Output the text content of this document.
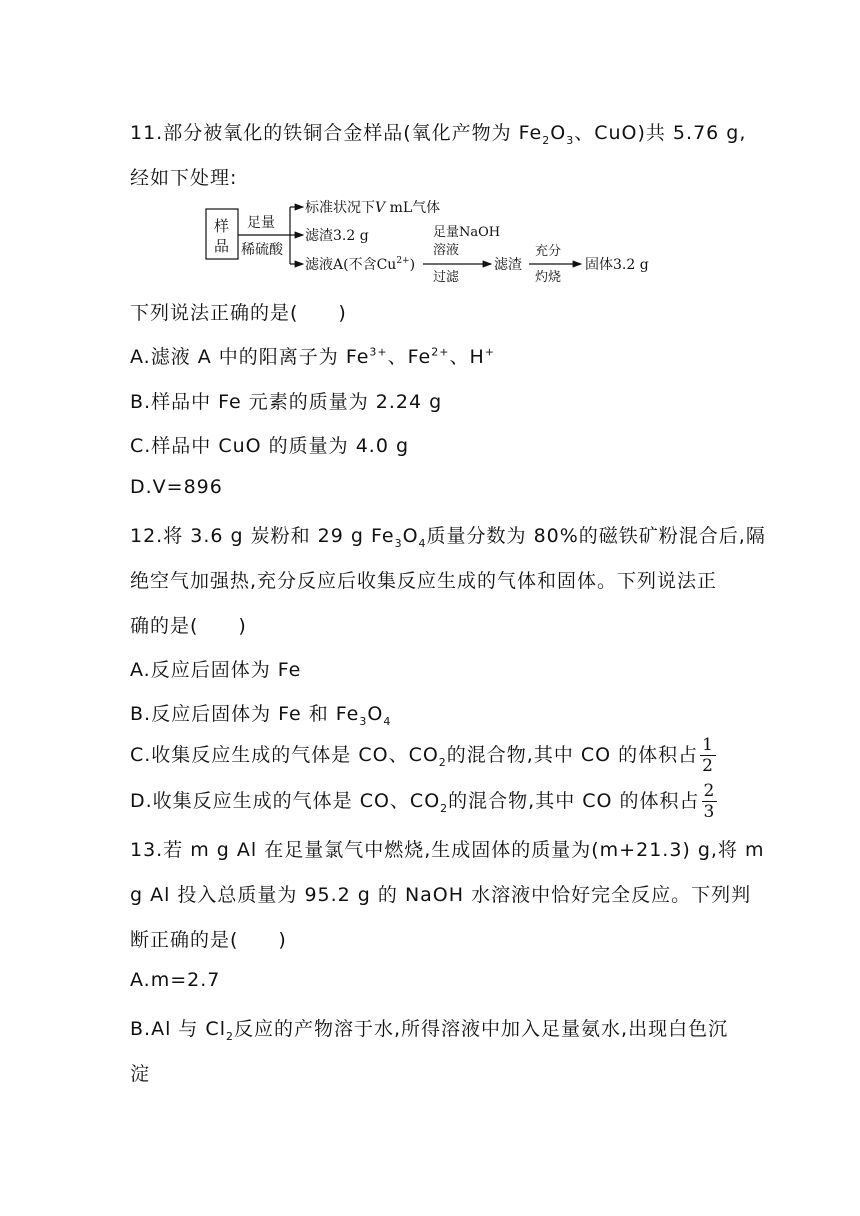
11.部分被氧化的铁铜合金样品(氧化产物为 $Fe_2O_3$、CuO)共 5.76 g,
经如下处理:
样
品
足量
稀硫酸
标准状况下V mL气体
滤渣3.2 g
滤液A(不含$Cu^{2+}$)
足量NaOH
溶液
过滤
滤渣
充分
灼烧
固体3.2 g
下列说法正确的是(　　)
A.滤液 A 中的阳离子为 $Fe^{3+}$、$Fe^{2+}$、H+
B.样品中 Fe 元素的质量为 2.24 g
C.样品中 CuO 的质量为 4.0 g
D.V=896
12.将 3.6 g 炭粉和 29 g $Fe_3O_4$质量分数为 80%的磁铁矿粉混合后,隔
绝空气加强热,充分反应后收集反应生成的气体和固体。下列说法正
确的是(　　)
A.反应后固体为 Fe
B.反应后固体为 Fe 和 $Fe_3O_4$
C.收集反应生成的气体是 CO、$CO_2$的混合物,其中 CO 的体积占 $\frac{1}{2}$
D.收集反应生成的气体是 CO、$CO_2$的混合物,其中 CO 的体积占 $\frac{2}{3}$
13.若 m g Al 在足量氯气中燃烧,生成固体的质量为(m+21.3) g,将 m
g Al 投入总质量为 95.2 g 的 NaOH 水溶液中恰好完全反应。下列判
断正确的是(　　)
A.m=2.7
B.Al 与 $Cl_2$反应的产物溶于水,所得溶液中加入足量氨水,出现白色沉
淀
